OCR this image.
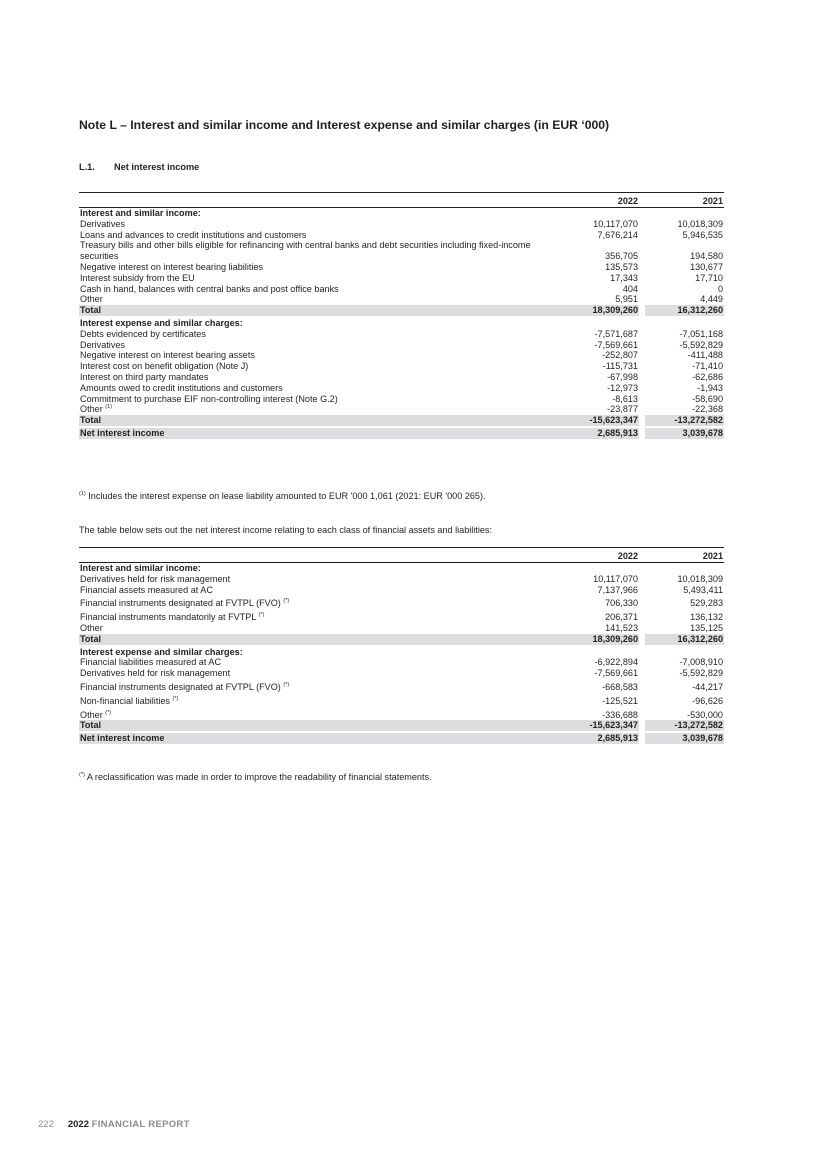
Note L – Interest and similar income and Interest expense and similar charges (in EUR ‘000)
L.1. Net interest income
	2022		2021
Interest and similar income:			
Derivatives	10,117,070		10,018,309
Loans and advances to credit institutions and customers	7,676,214		5,946,535
Treasury bills and other bills eligible for refinancing with central banks and debt securities including fixed-income securities	356,705		194,580
Negative interest on interest bearing liabilities	135,573		130,677
Interest subsidy from the EU	17,343		17,710
Cash in hand, balances with central banks and post office banks	404		0
Other	5,951		4,449
Total	18,309,260		16,312,260
Interest expense and similar charges:			
Debts evidenced by certificates	-7,571,687		-7,051,168
Derivatives	-7,569,661		-5,592,829
Negative interest on interest bearing assets	-252,807		-411,488
Interest cost on benefit obligation (Note J)	-115,731		-71,410
Interest on third party mandates	-67,998		-62,686
Amounts owed to credit institutions and customers	-12,973		-1,943
Commitment to purchase EIF non-controlling interest (Note G.2)	-8,613		-58,690
Other $^{(1)}$	-23,877		-22,368
Total	-15,623,347		-13,272,582
Net interest income	2,685,913		3,039,678
$^{(1)}$ Includes the interest expense on lease liability amounted to EUR '000 1,061 (2021: EUR '000 265).
The table below sets out the net interest income relating to each class of financial assets and liabilities:
	2022		2021
Interest and similar income:			
Derivatives held for risk management	10,117,070		10,018,309
Financial assets measured at AC	7,137,966		5,493,411
Financial instruments designated at FVTPL (FVO) (*)	706,330		529,283
Financial instruments mandatorily at FVTPL (*)	206,371		136,132
Other	141,523		135,125
Total	18,309,260		16,312,260
Interest expense and similar charges:			
Financial liabilities measured at AC	-6,922,894		-7,008,910
Derivatives held for risk management	-7,569,661		-5,592,829
Financial instruments designated at FVTPL (FVO) (*)	-668,583		-44,217
Non-financial liabilities (*)	-125,521		-96,626
Other (*)	-336,688		-530,000
Total	-15,623,347		-13,272,582
Net interest income	2,685,913		3,039,678
(*) A reclassification was made in order to improve the readability of financial statements.
222 2022 FINANCIAL REPORT
